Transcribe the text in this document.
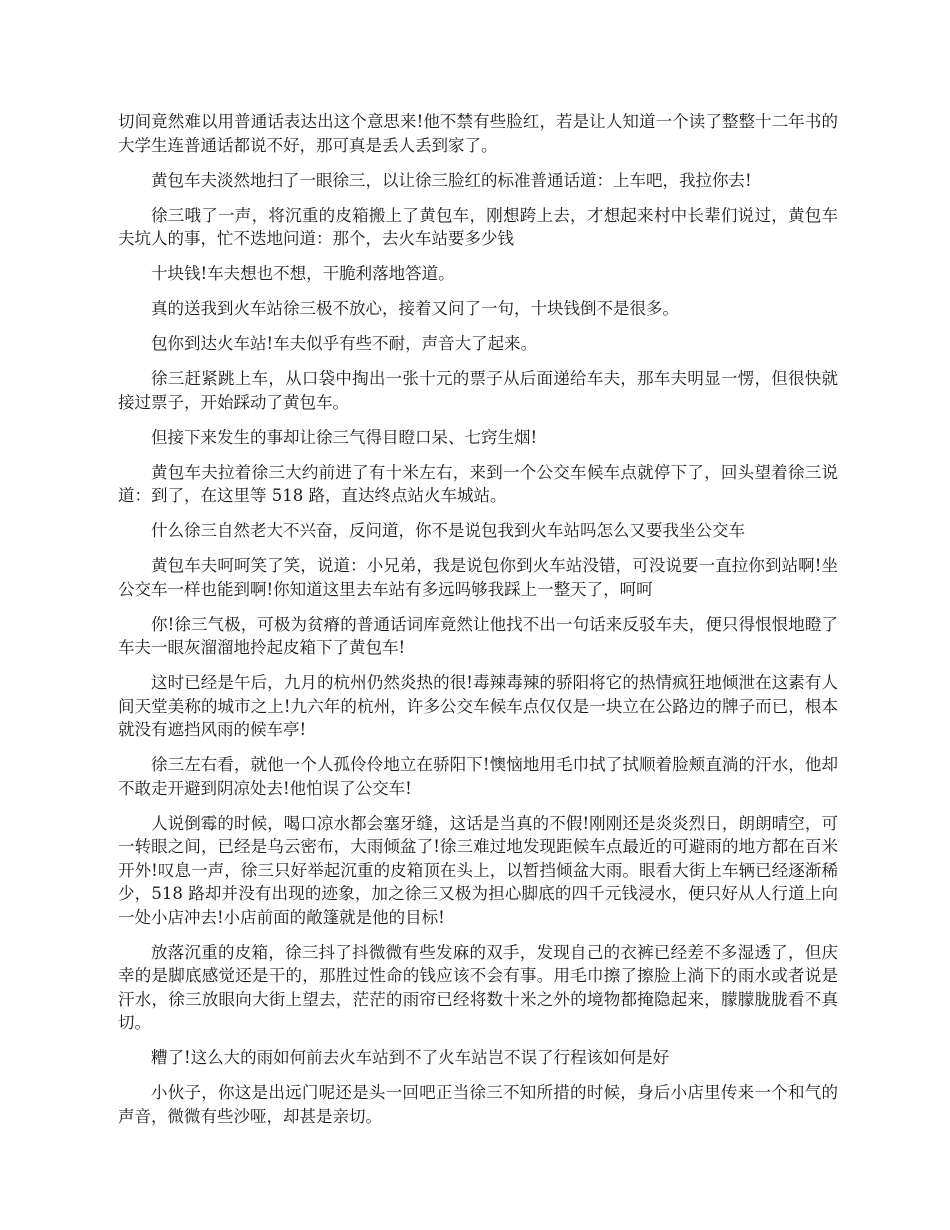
切间竟然难以用普通话表达出这个意思来!他不禁有些脸红，若是让人知道一个读了整整十二年书的大学生连普通话都说不好，那可真是丢人丢到家了。

黄包车夫淡然地扫了一眼徐三，以让徐三脸红的标准普通话道：上车吧，我拉你去!

徐三哦了一声，将沉重的皮箱搬上了黄包车，刚想跨上去，才想起来村中长辈们说过，黄包车夫坑人的事，忙不迭地问道：那个，去火车站要多少钱

十块钱!车夫想也不想，干脆利落地答道。

真的送我到火车站徐三极不放心，接着又问了一句，十块钱倒不是很多。

包你到达火车站!车夫似乎有些不耐，声音大了起来。

徐三赶紧跳上车，从口袋中掏出一张十元的票子从后面递给车夫，那车夫明显一愣，但很快就接过票子，开始踩动了黄包车。

但接下来发生的事却让徐三气得目瞪口呆、七窍生烟!

黄包车夫拉着徐三大约前进了有十米左右，来到一个公交车候车点就停下了，回头望着徐三说道：到了，在这里等 518 路，直达终点站火车城站。

什么徐三自然老大不兴奋，反问道，你不是说包我到火车站吗怎么又要我坐公交车

黄包车夫呵呵笑了笑，说道：小兄弟，我是说包你到火车站没错，可没说要一直拉你到站啊!坐公交车一样也能到啊!你知道这里去车站有多远吗够我踩上一整天了，呵呵

你!徐三气极，可极为贫瘠的普通话词库竟然让他找不出一句话来反驳车夫，便只得恨恨地瞪了车夫一眼灰溜溜地拎起皮箱下了黄包车!

这时已经是午后，九月的杭州仍然炎热的很!毒辣毒辣的骄阳将它的热情疯狂地倾泄在这素有人间天堂美称的城市之上!九六年的杭州，许多公交车候车点仅仅是一块立在公路边的牌子而已，根本就没有遮挡风雨的候车亭!

徐三左右看，就他一个人孤伶伶地立在骄阳下!懊恼地用毛巾拭了拭顺着脸颊直淌的汗水，他却不敢走开避到阴凉处去!他怕误了公交车!

人说倒霉的时候，喝口凉水都会塞牙缝，这话是当真的不假!刚刚还是炎炎烈日，朗朗晴空，可一转眼之间，已经是乌云密布，大雨倾盆了!徐三难过地发现距候车点最近的可避雨的地方都在百米开外!叹息一声，徐三只好举起沉重的皮箱顶在头上，以暂挡倾盆大雨。眼看大街上车辆已经逐渐稀少，518 路却并没有出现的迹象，加之徐三又极为担心脚底的四千元钱浸水，便只好从人行道上向一处小店冲去!小店前面的敞篷就是他的目标!

放落沉重的皮箱，徐三抖了抖微微有些发麻的双手，发现自己的衣裤已经差不多湿透了，但庆幸的是脚底感觉还是干的，那胜过性命的钱应该不会有事。用毛巾擦了擦脸上淌下的雨水或者说是汗水，徐三放眼向大街上望去，茫茫的雨帘已经将数十米之外的境物都掩隐起来，朦朦胧胧看不真切。

糟了!这么大的雨如何前去火车站到不了火车站岂不误了行程该如何是好

小伙子，你这是出远门呢还是头一回吧正当徐三不知所措的时候，身后小店里传来一个和气的声音，微微有些沙哑，却甚是亲切。
